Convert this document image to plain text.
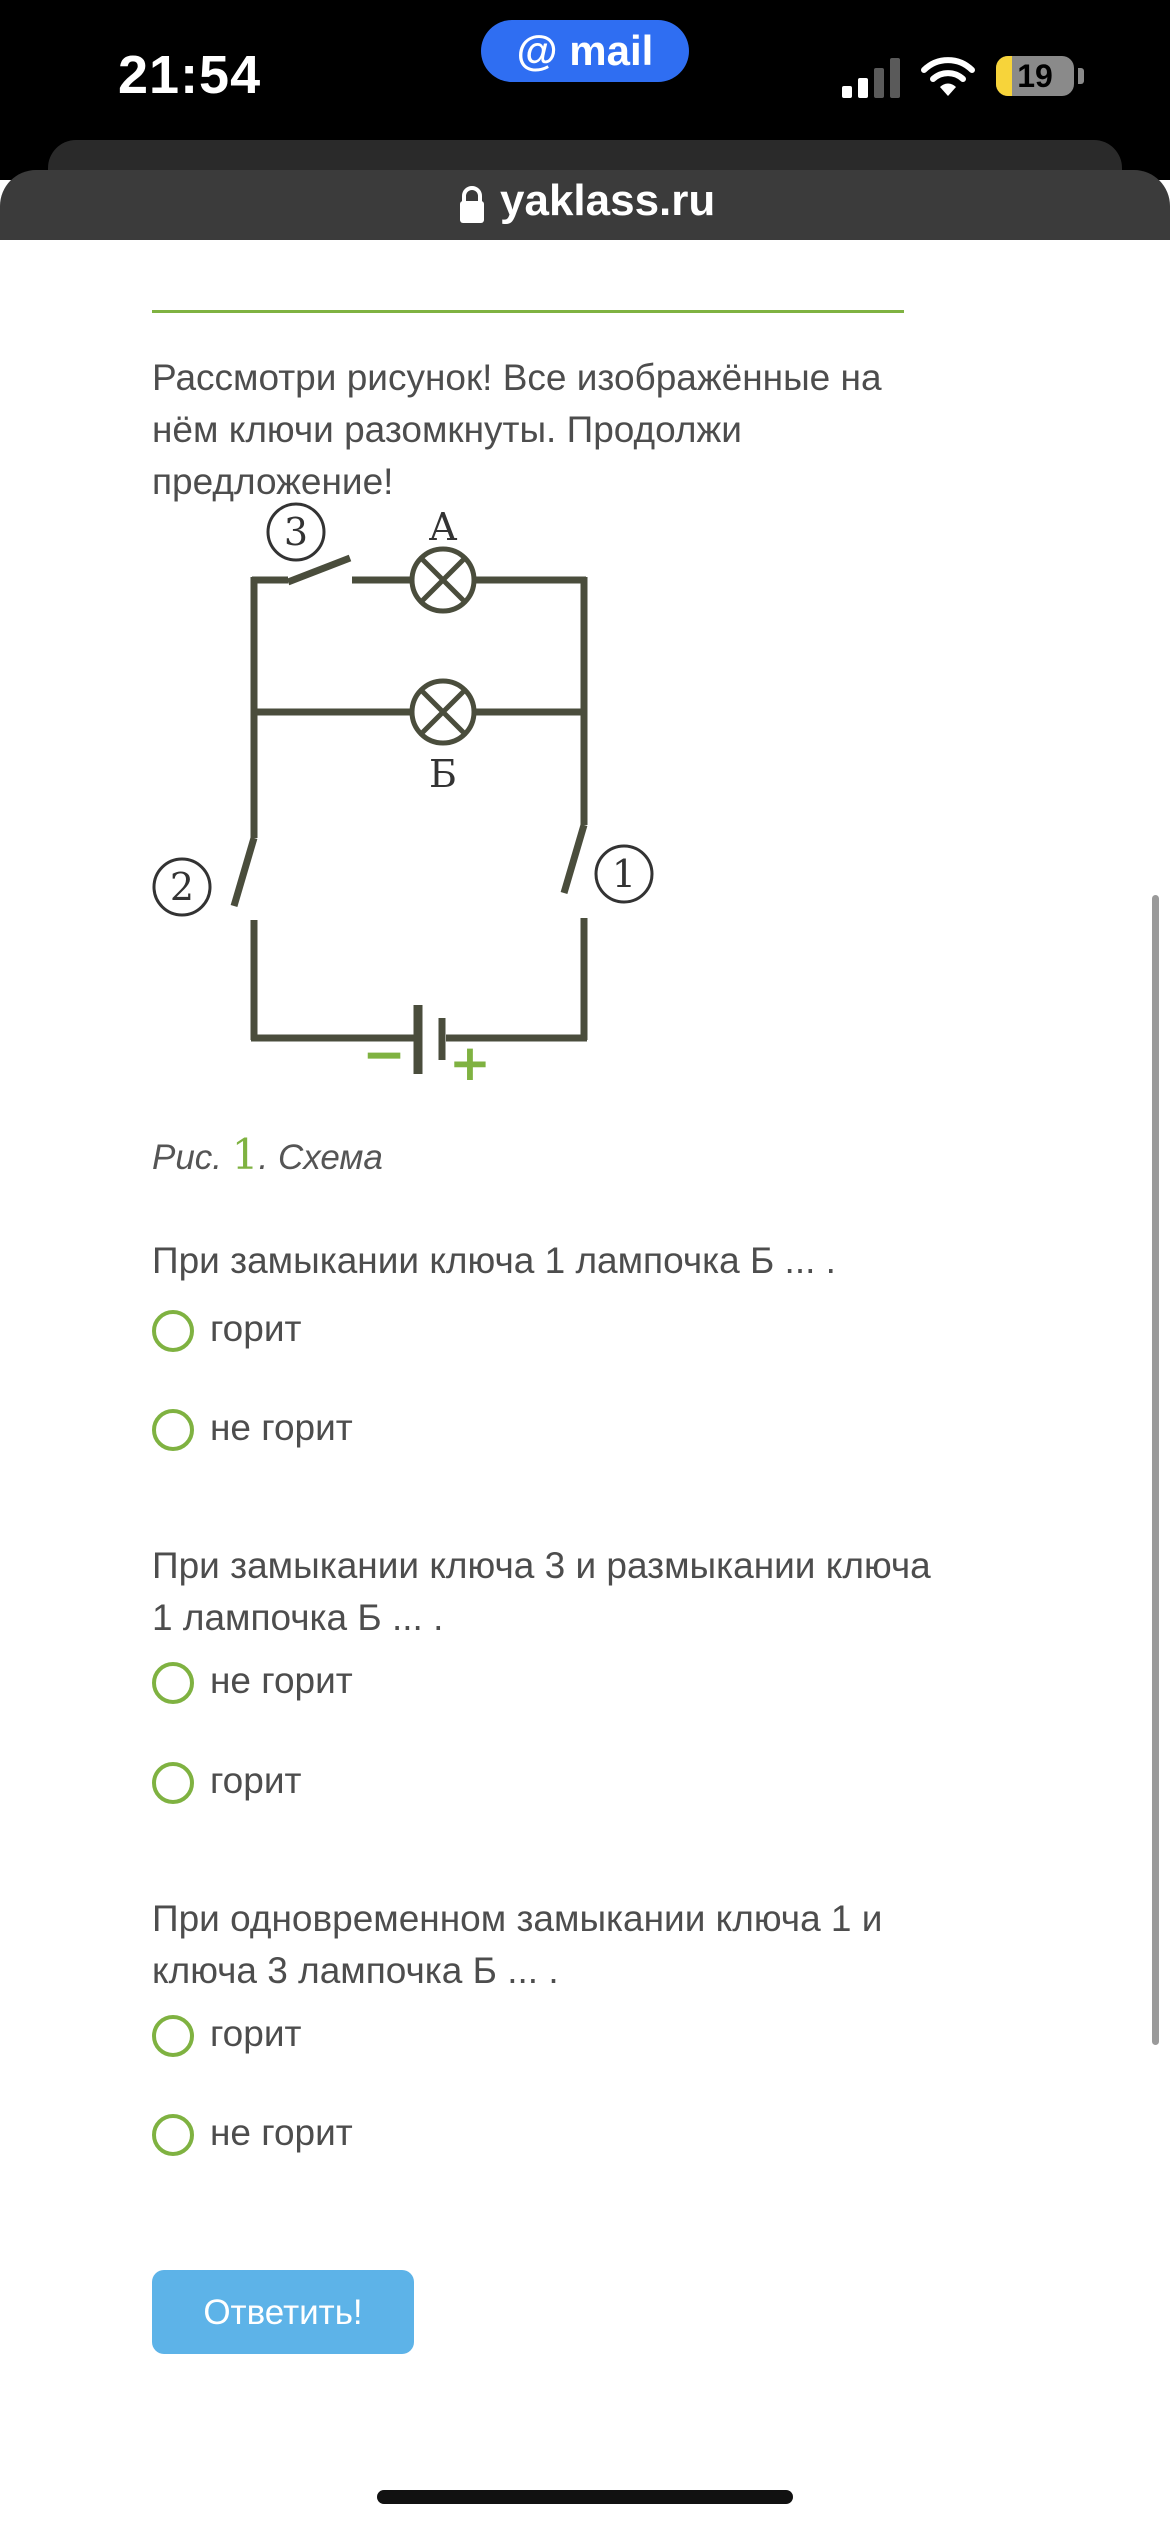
21:54	@ mail
19
yaklass.ru
Рассмотри рисунок! Все изображённые на нём ключи разомкнуты. Продолжи предложение!
3
2	1
А
Б
− +
Рис. 1. Схема
При замыкании ключа 1 лампочка Б ... .
горит
не горит
При замыкании ключа 3 и размыкании ключа 1 лампочка Б ... .
не горит
горит
При одновременном замыкании ключа 1 и ключа 3 лампочка Б ... .
горит
не горит
Ответить!
